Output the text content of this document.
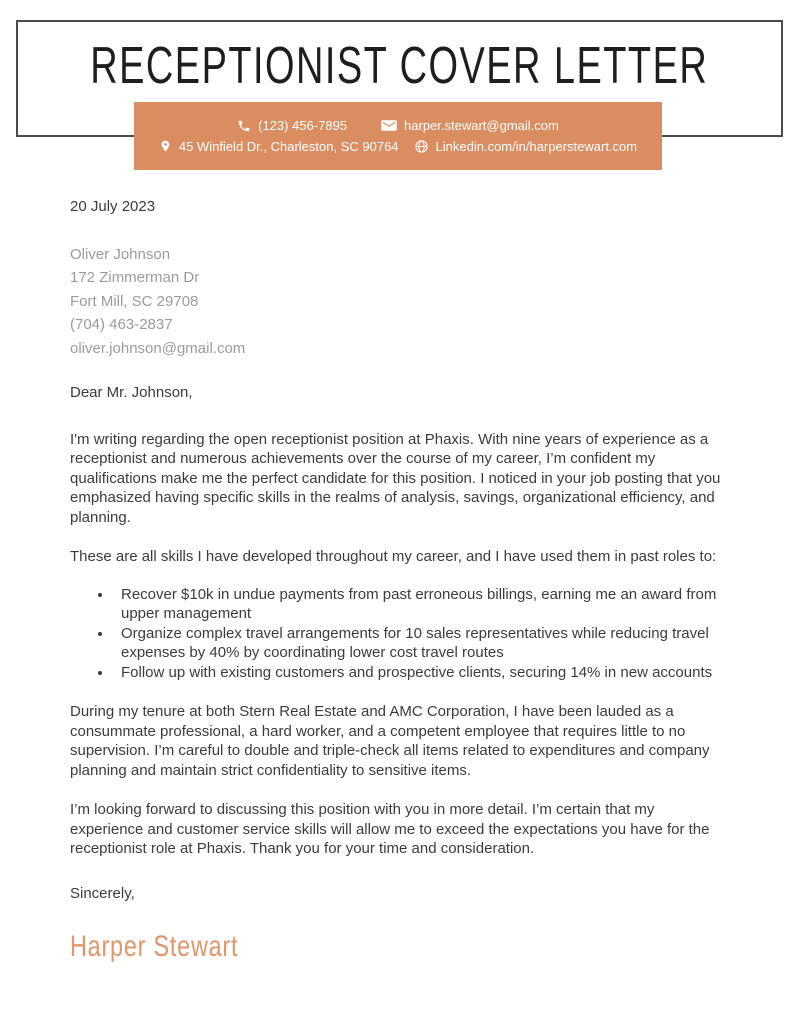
RECEPTIONIST COVER LETTER
(123) 456-7895	harper.stewart@gmail.com
45 Winfield Dr., Charleston, SC 90764	Linkedin.com/in/harperstewart.com
20 July 2023
Oliver Johnson
172 Zimmerman Dr
Fort Mill, SC 29708
(704) 463-2837
oliver.johnson@gmail.com
Dear Mr. Johnson,

I'm writing regarding the open receptionist position at Phaxis. With nine years of experience as a receptionist and numerous achievements over the course of my career, I’m confident my qualifications make me the perfect candidate for this position. I noticed in your job posting that you emphasized having specific skills in the realms of analysis, savings, organizational efficiency, and planning.

These are all skills I have developed throughout my career, and I have used them in past roles to:

• Recover $10k in undue payments from past erroneous billings, earning me an award from upper management
• Organize complex travel arrangements for 10 sales representatives while reducing travel expenses by 40% by coordinating lower cost travel routes
• Follow up with existing customers and prospective clients, securing 14% in new accounts

During my tenure at both Stern Real Estate and AMC Corporation, I have been lauded as a consummate professional, a hard worker, and a competent employee that requires little to no supervision. I’m careful to double and triple-check all items related to expenditures and company planning and maintain strict confidentiality to sensitive items.

I’m looking forward to discussing this position with you in more detail. I’m certain that my experience and customer service skills will allow me to exceed the expectations you have for the receptionist role at Phaxis. Thank you for your time and consideration.

Sincerely,
Harper Stewart
